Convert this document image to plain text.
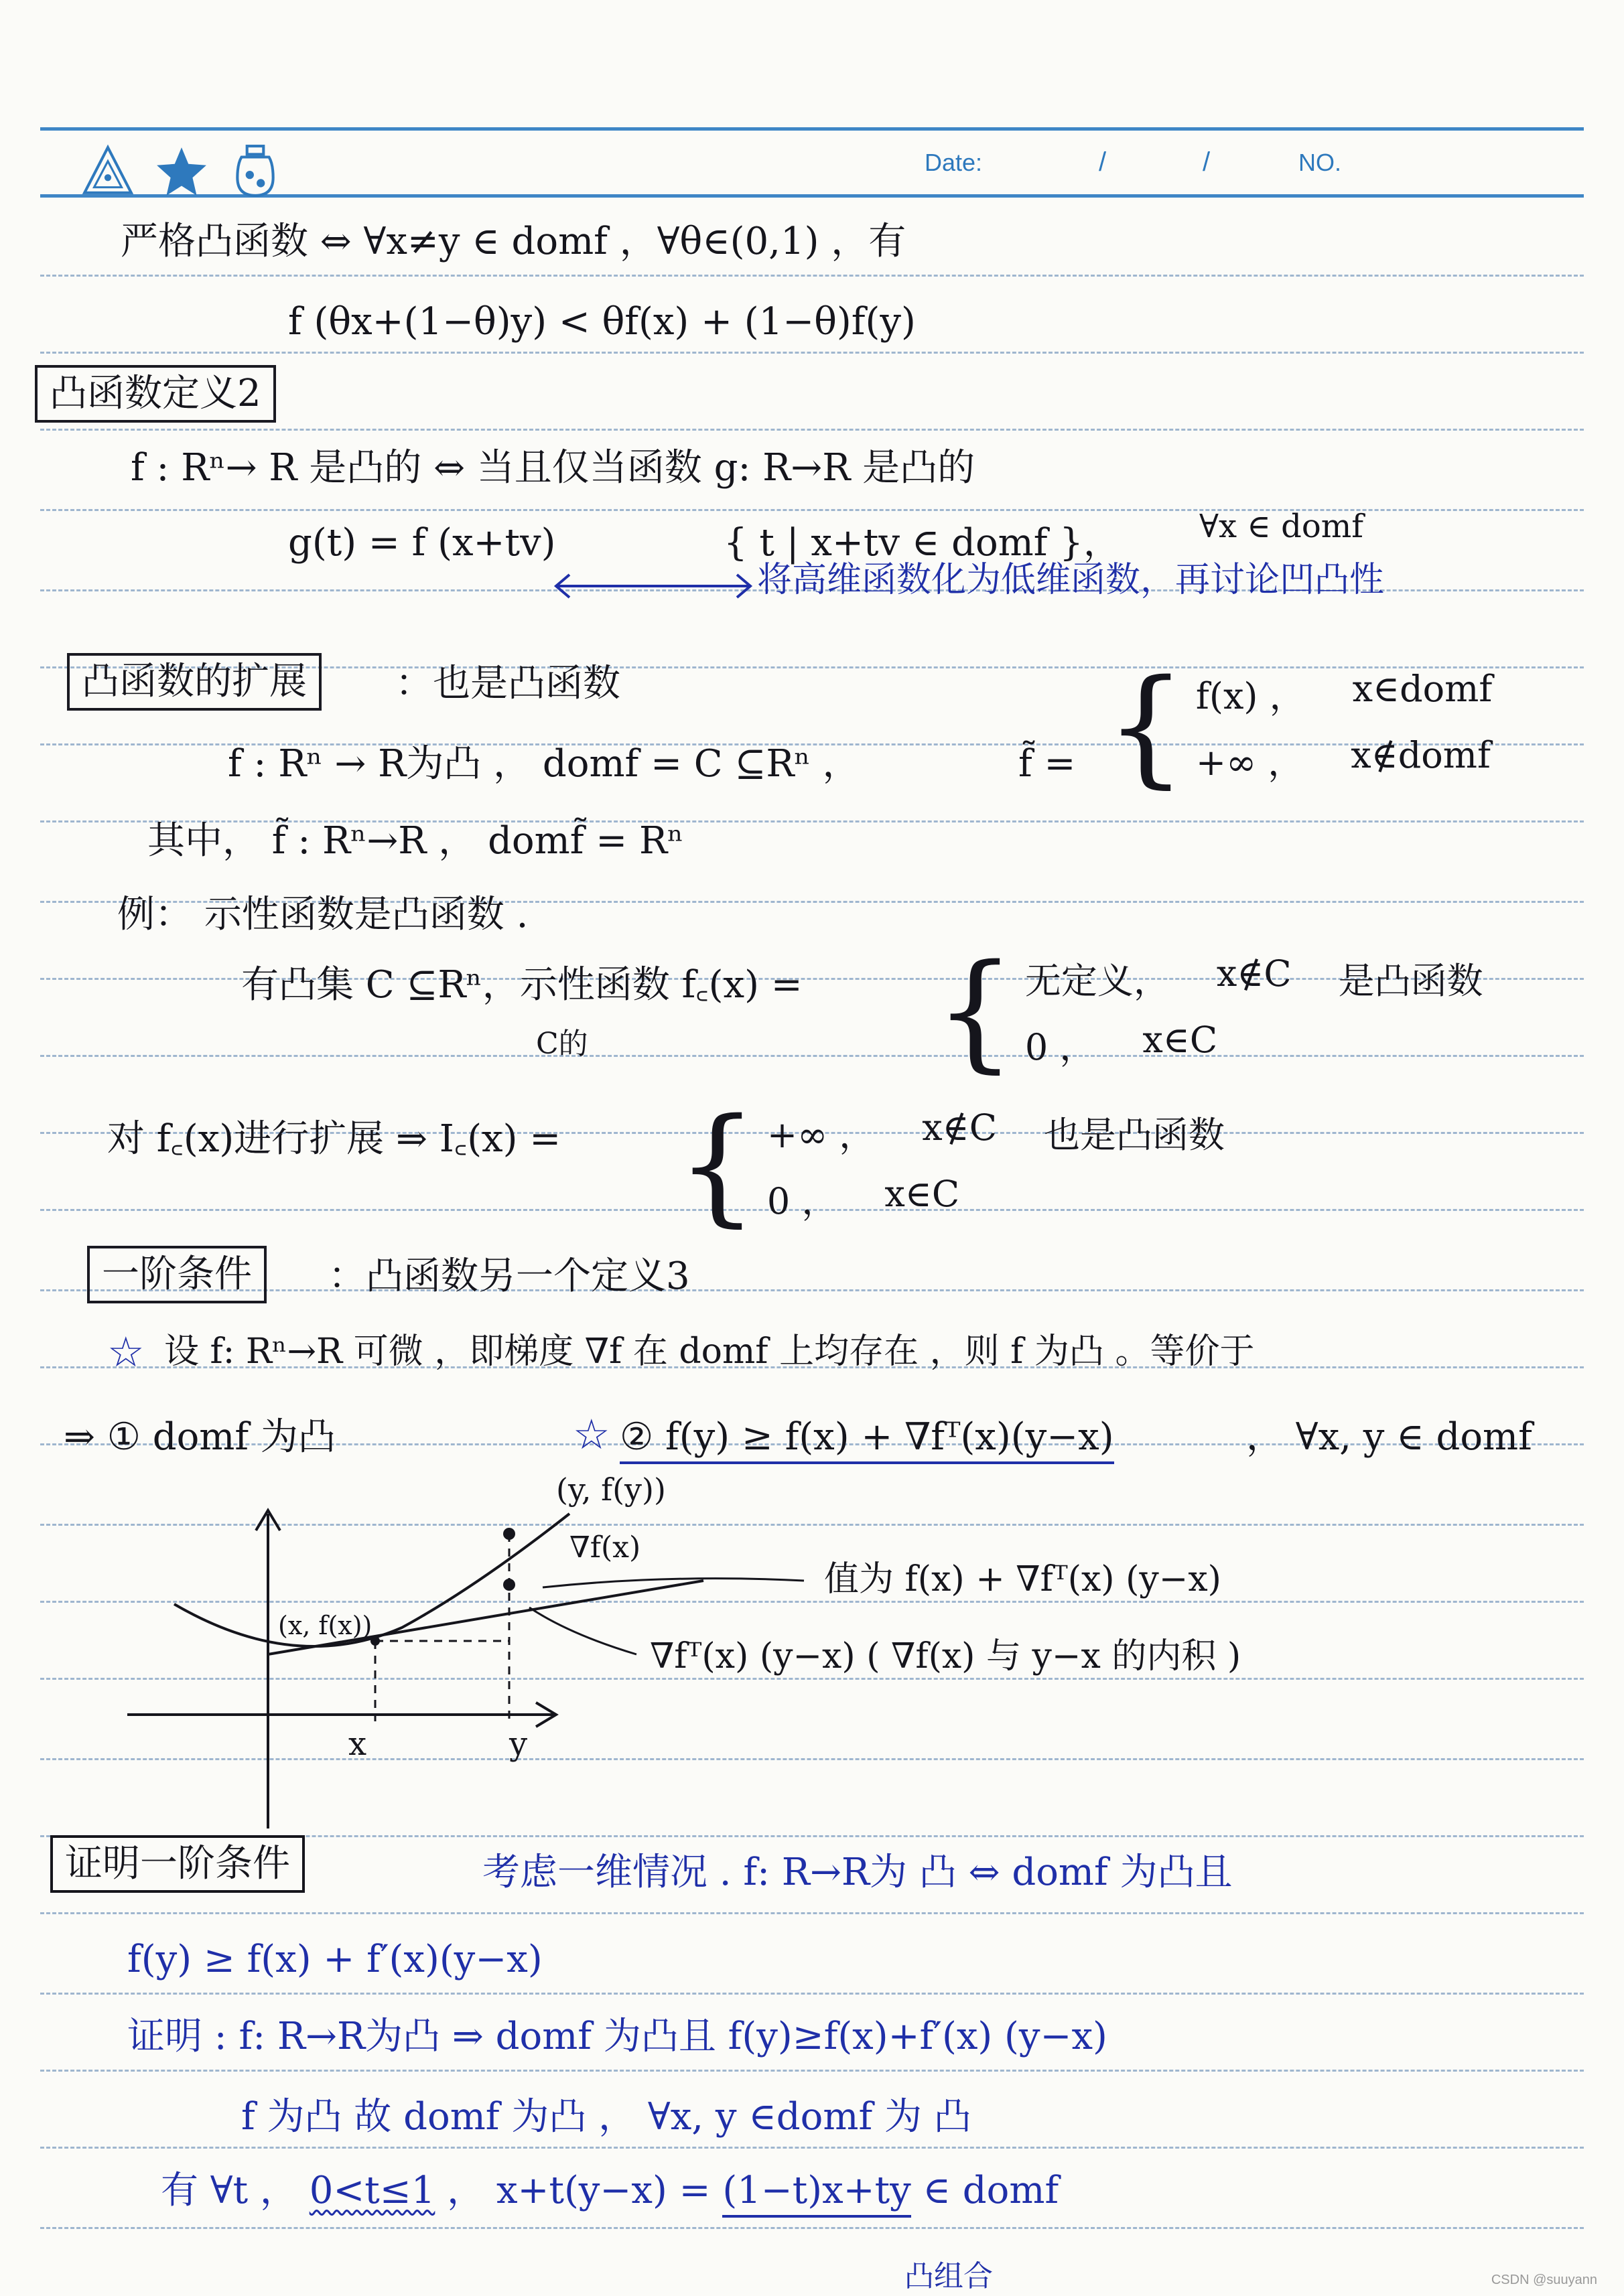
Date:	/	/	NO.
严格凸函数 ⇔ ∀x≠y ∈ domf ，∀θ∈(0,1) ，有
f (θx+(1−θ)y) < θf(x) + (1−θ)f(y)
凸函数定义2
f : Rⁿ→ R 是凸的 ⇔ 当且仅当函数 g: R→R 是凸的
g(t) = f (x+tv)	{ t | x+tv ∈ domf }， ∀x ∈ domf
将高维函数化为低维函数，再讨论凹凸性
凸函数的扩展	：也是凸函数
f : Rⁿ → R为凸 ， domf = C ⊆Rⁿ ，	f̃ = { f(x) ， x∈domf
+∞ ， x∉domf
其中， f̃ : Rⁿ→R ， domf̃ = Rⁿ
例： 示性函数是凸函数 .
有凸集 C ⊆Rⁿ，示性函数 f꜀(x) =
C的	{ 无定义， x∉C 是凸函数
0 ， x∈C
对 f꜀(x)进行扩展 ⇒ I꜀(x) = { +∞ ， x∉C 也是凸函数
0 ， x∈C
一阶条件	：凸函数另一个定义3
☆ 设 f: Rⁿ→R 可微 ，即梯度 ∇f 在 domf 上均存在 ，则 f 为凸 。等价于
⇒ ① domf 为凸	☆ ② f(y) ≥ f(x) + ∇fᵀ(x)(y−x)	， ∀x, y ∈ domf
(y, f(y))
(x, f(x))
∇f(x)
x	y
值为 f(x) + ∇fᵀ(x) (y−x)
∇fᵀ(x) (y−x) ( ∇f(x) 与 y−x 的内积 )
证明一阶条件	考虑一维情况 . f: R→R为 凸 ⇔ domf 为凸且
f(y) ≥ f(x) + f′(x)(y−x)
证明 : f: R→R为凸 ⇒ domf 为凸且 f(y)≥f(x)+f′(x) (y−x)
f 为凸 故 domf 为凸 ， ∀x, y ∈domf 为 凸
有 ∀t ， 0<t≤1 ， x+t(y−x) = (1−t)x+ty ∈ domf
凸组合	CSDN @suuyann
